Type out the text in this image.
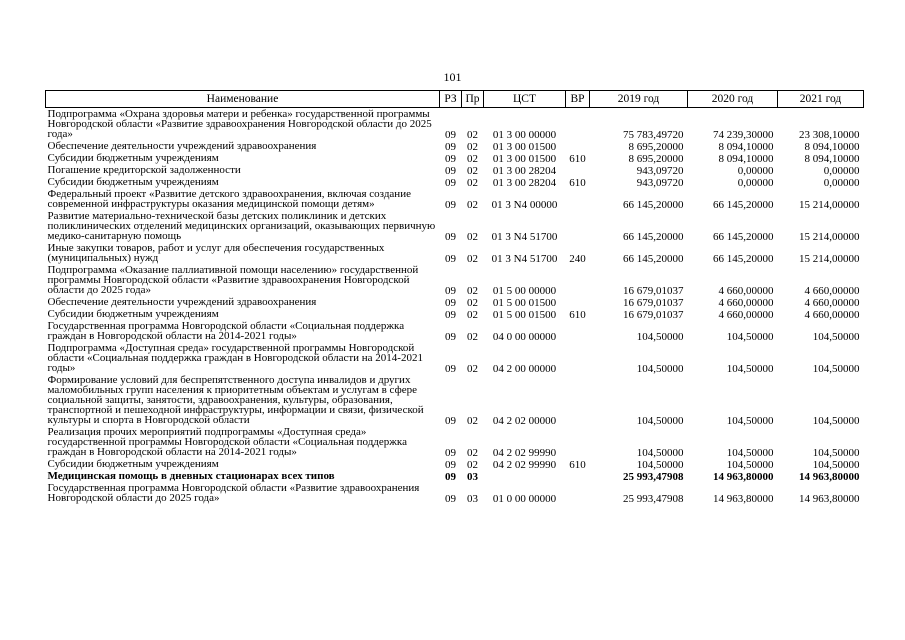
101
Наименование	РЗ	Пр	ЦСТ	ВР	2019 год	2020 год	2021 год
Подпрограмма «Охрана здоровья матери и ребенка» государственной программы Новгородской области «Развитие здравоохранения Новгородской области до 2025 года»	09	02	01 3 00 00000		75 783,49720	74 239,30000	23 308,10000
Обеспечение деятельности учреждений здравоохранения	09	02	01 3 00 01500		8 695,20000	8 094,10000	8 094,10000
Субсидии бюджетным учреждениям	09	02	01 3 00 01500	610	8 695,20000	8 094,10000	8 094,10000
Погашение кредиторской задолженности	09	02	01 3 00 28204		943,09720	0,00000	0,00000
Субсидии бюджетным учреждениям	09	02	01 3 00 28204	610	943,09720	0,00000	0,00000
Федеральный проект «Развитие детского здравоохранения, включая создание современной инфраструктуры оказания медицинской помощи детям»	09	02	01 3 N4 00000		66 145,20000	66 145,20000	15 214,00000
Развитие материально-технической базы детских поликлиник и детских поликлинических отделений медицинских организаций, оказывающих первичную медико-санитарную помощь	09	02	01 3 N4 51700		66 145,20000	66 145,20000	15 214,00000
Иные закупки товаров, работ и услуг для обеспечения государственных (муниципальных) нужд	09	02	01 3 N4 51700	240	66 145,20000	66 145,20000	15 214,00000
Подпрограмма «Оказание паллиативной помощи населению» государственной программы Новгородской области «Развитие здравоохранения Новгородской области до 2025 года»	09	02	01 5 00 00000		16 679,01037	4 660,00000	4 660,00000
Обеспечение деятельности учреждений здравоохранения	09	02	01 5 00 01500		16 679,01037	4 660,00000	4 660,00000
Субсидии бюджетным учреждениям	09	02	01 5 00 01500	610	16 679,01037	4 660,00000	4 660,00000
Государственная программа Новгородской области «Социальная поддержка граждан в Новгородской области на 2014-2021 годы»	09	02	04 0 00 00000		104,50000	104,50000	104,50000
Подпрограмма «Доступная среда» государственной программы Новгородской области «Социальная поддержка граждан в Новгородской области на 2014-2021 годы»	09	02	04 2 00 00000		104,50000	104,50000	104,50000
Формирование условий для беспрепятственного доступа инвалидов и других маломобильных групп населения к приоритетным объектам и услугам в сфере социальной защиты, занятости, здравоохранения, культуры, образования, транспортной и пешеходной инфраструктуры, информации и связи, физической культуры и спорта в Новгородской области	09	02	04 2 02 00000		104,50000	104,50000	104,50000
Реализация прочих мероприятий подпрограммы «Доступная среда» государственной программы Новгородской области «Социальная поддержка граждан в Новгородской области на 2014-2021 годы»	09	02	04 2 02 99990		104,50000	104,50000	104,50000
Субсидии бюджетным учреждениям	09	02	04 2 02 99990	610	104,50000	104,50000	104,50000
Медицинская помощь в дневных стационарах всех типов	09	03			25 993,47908	14 963,80000	14 963,80000
Государственная программа Новгородской области «Развитие здравоохранения Новгородской области до 2025 года»	09	03	01 0 00 00000		25 993,47908	14 963,80000	14 963,80000
